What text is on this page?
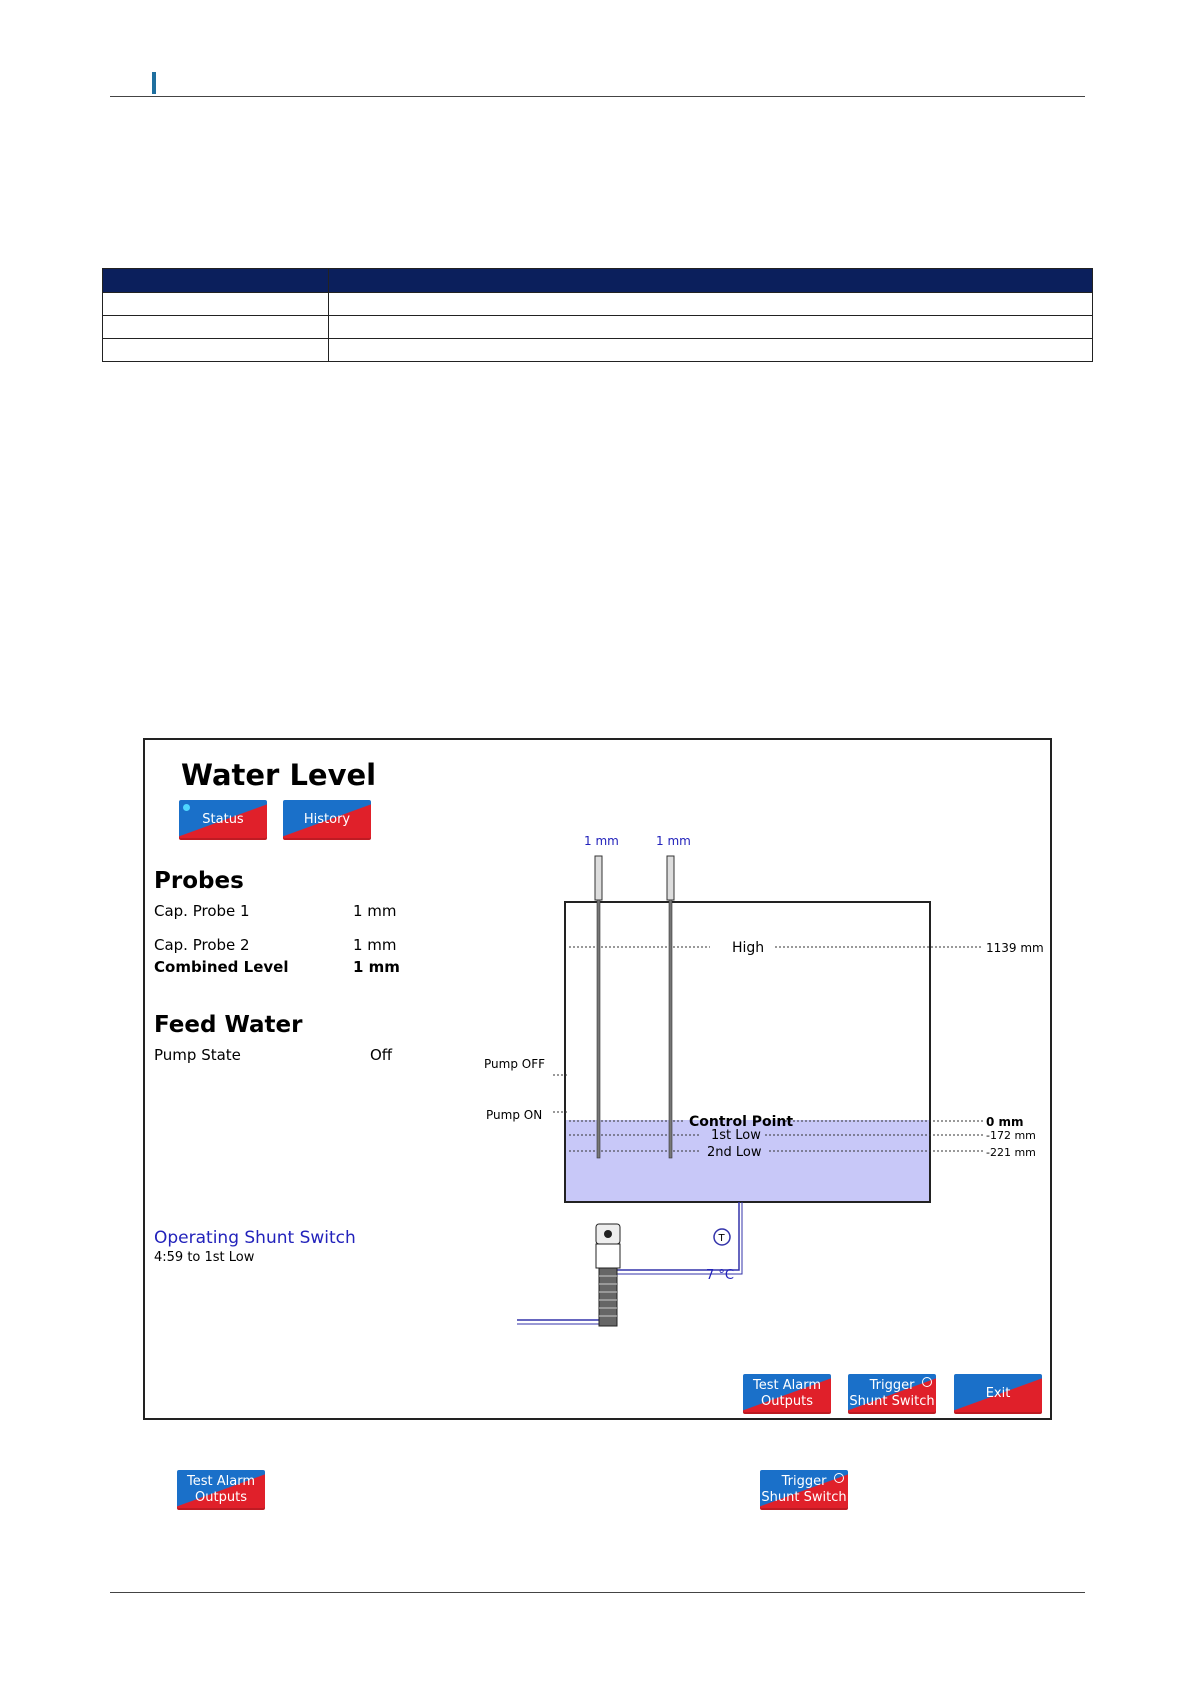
Water Level
Status	History
Probes
Cap. Probe 1	1 mm
Cap. Probe 2	1 mm
Combined Level	1 mm
Feed Water
Pump State	Off
Operating Shunt Switch
4:59 to 1st Low
High	1139 mm
Pump OFF
Pump ON	Control Point	0 mm
1st Low	-172 mm
2nd Low	-221 mm
1 mm	1 mm
T
7 °C
Test Alarm
Outputs
Trigger
Shunt Switch
Exit
Test Alarm
Outputs
Trigger
Shunt Switch
